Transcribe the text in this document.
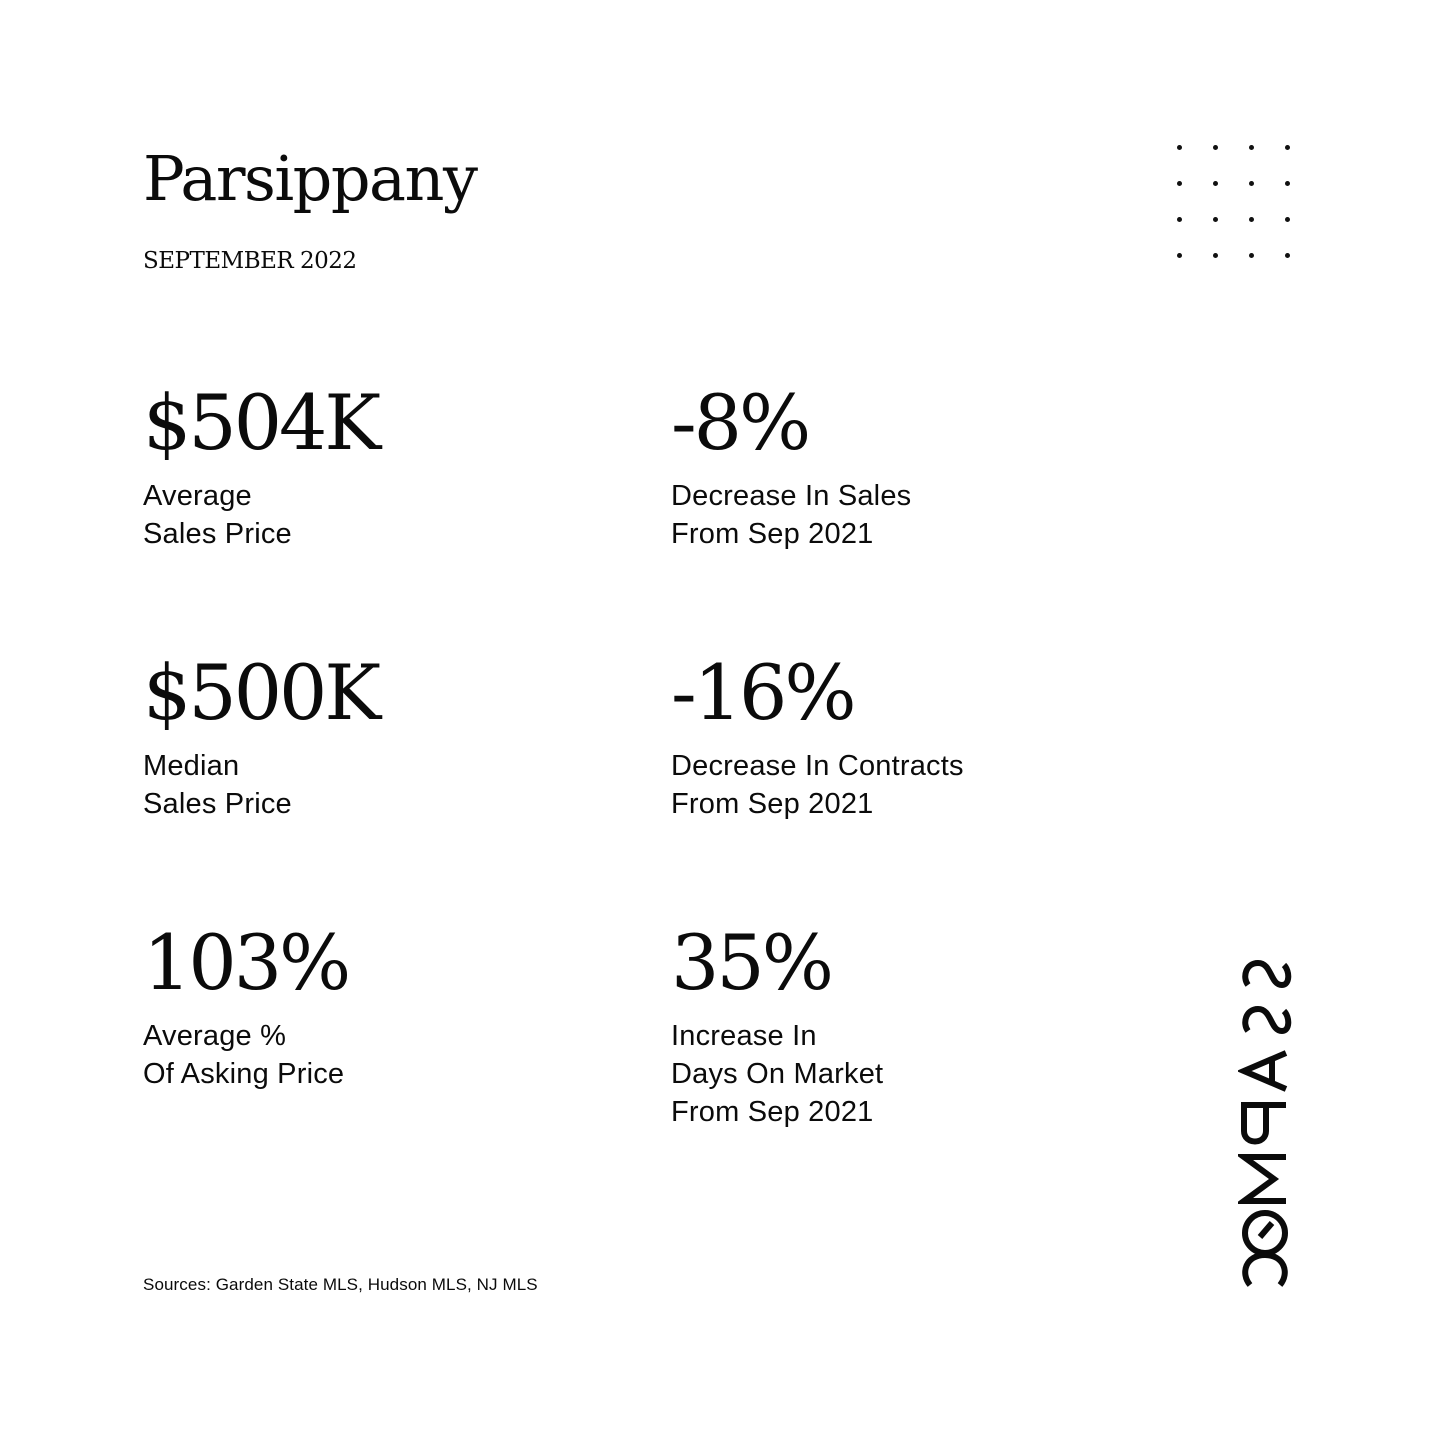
Parsippany
SEPTEMBER 2022
$504K
Average
Sales Price
-8%
Decrease In Sales
From Sep 2021
$500K
Median
Sales Price
-16%
Decrease In Contracts
From Sep 2021
103%
Average %
Of Asking Price
35%
Increase In
Days On Market
From Sep 2021
Sources: Garden State MLS, Hudson MLS, NJ MLS
